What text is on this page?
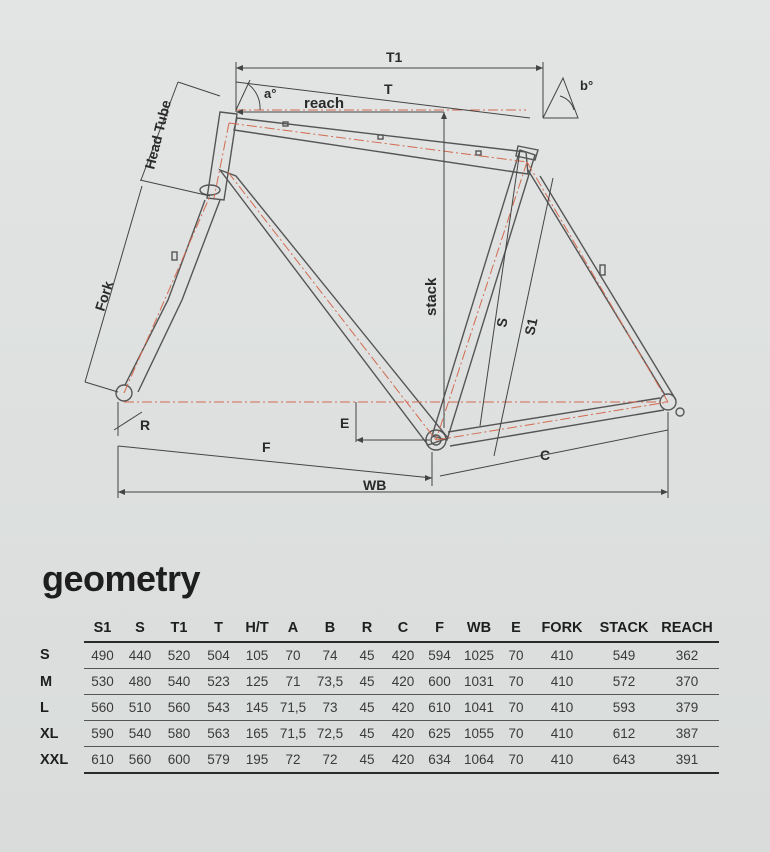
T1
T
a°
b°
reach
Head Tube
Fork	stack
S S1
E
R
F	C
WB
geometry
	S1	S	T1	T	H/T	A	B	R	C	F	WB	E	FORK	STACK	REACH
S	490	440	520	504	105	70	74	45	420	594	1025	70	410	549	362
M	530	480	540	523	125	71	73,5	45	420	600	1031	70	410	572	370
L	560	510	560	543	145	71,5	73	45	420	610	1041	70	410	593	379
XL	590	540	580	563	165	71,5	72,5	45	420	625	1055	70	410	612	387
XXL	610	560	600	579	195	72	72	45	420	634	1064	70	410	643	391
